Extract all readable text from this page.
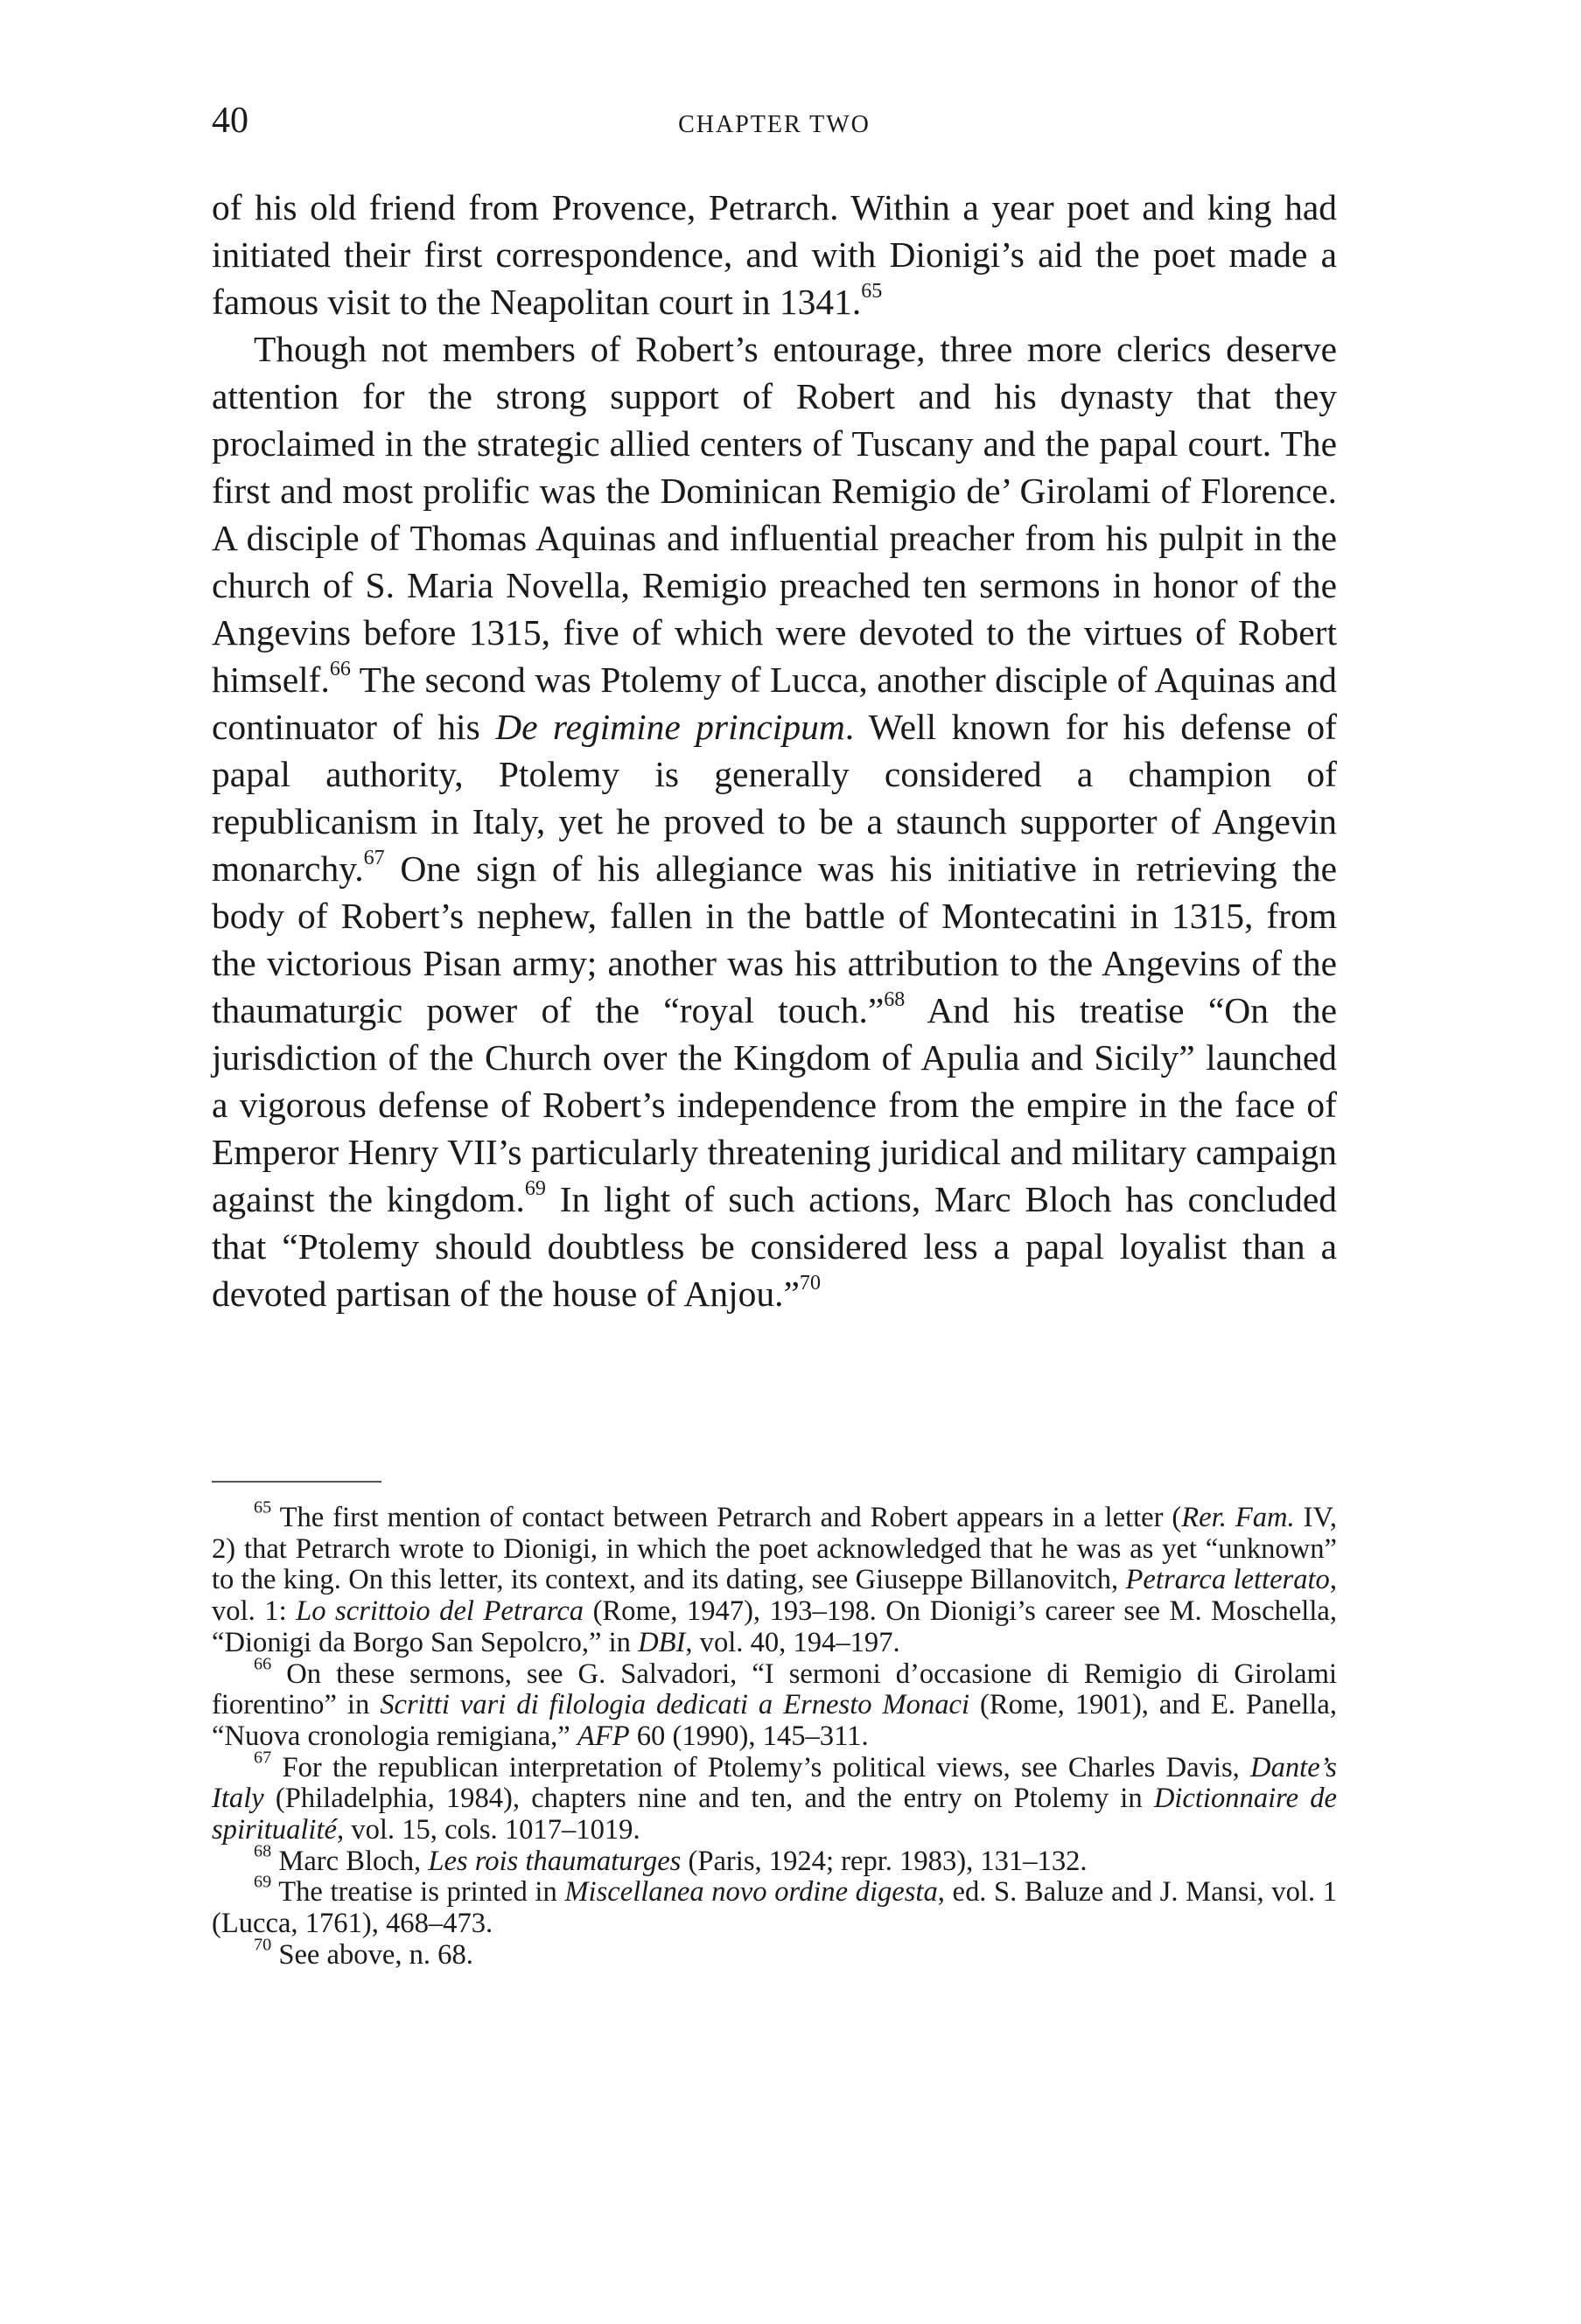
40	CHAPTER TWO

of his old friend from Provence, Petrarch. Within a year poet and king had initiated their first correspondence, and with Dionigi’s aid the poet made a famous visit to the Neapolitan court in 1341.65

Though not members of Robert’s entourage, three more clerics deserve attention for the strong support of Robert and his dynasty that they proclaimed in the strategic allied centers of Tuscany and the papal court. The first and most prolific was the Dominican Remigio de’ Girolami of Florence. A disciple of Thomas Aquinas and influential preacher from his pulpit in the church of S. Maria Novella, Remigio preached ten sermons in honor of the Angevins before 1315, five of which were devoted to the virtues of Robert himself.$^{66}$ The second was Ptolemy of Lucca, another disciple of Aquinas and continuator of his De regimine principum. Well known for his defense of papal authority, Ptolemy is generally considered a champion of republicanism in Italy, yet he proved to be a staunch supporter of Angevin monarchy.$^{67}$ One sign of his allegiance was his initiative in retrieving the body of Robert’s nephew, fallen in the battle of Montecatini in 1315, from the victorious Pisan army; another was his attribution to the Angevins of the thaumaturgic power of the “royal touch.”$^{68}$ And his treatise “On the jurisdiction of the Church over the Kingdom of Apulia and Sicily” launched a vigorous defense of Robert’s independence from the empire in the face of Emperor Henry VII’s particularly threatening juridical and military campaign against the kingdom.$^{69}$ In light of such actions, Marc Bloch has concluded that “Ptolemy should doubtless be considered less a papal loyalist than a devoted partisan of the house of Anjou.”$^{70}$

$^{65}$ The first mention of contact between Petrarch and Robert appears in a letter (Rer. Fam. IV, 2) that Petrarch wrote to Dionigi, in which the poet acknowledged that he was as yet “unknown” to the king. On this letter, its context, and its dating, see Giuseppe Billanovitch, Petrarca letterato, vol. 1: Lo scrittoio del Petrarca (Rome, 1947), 193–198. On Dionigi’s career see M. Moschella, “Dionigi da Borgo San Sepolcro,” in DBI, vol. 40, 194–197.

$^{66}$ On these sermons, see G. Salvadori, “I sermoni d’occasione di Remigio di Girolami fiorentino” in Scritti vari di filologia dedicati a Ernesto Monaci (Rome, 1901), and E. Panella, “Nuova cronologia remigiana,” AFP 60 (1990), 145–311.

$^{67}$ For the republican interpretation of Ptolemy’s political views, see Charles Davis, Dante’s Italy (Philadelphia, 1984), chapters nine and ten, and the entry on Ptolemy in Dictionnaire de spiritualité, vol. 15, cols. 1017–1019.

$^{68}$ Marc Bloch, Les rois thaumaturges (Paris, 1924; repr. 1983), 131–132.

$^{69}$ The treatise is printed in Miscellanea novo ordine digesta, ed. S. Baluze and J. Mansi, vol. 1 (Lucca, 1761), 468–473.

$^{70}$ See above, n. 68.
